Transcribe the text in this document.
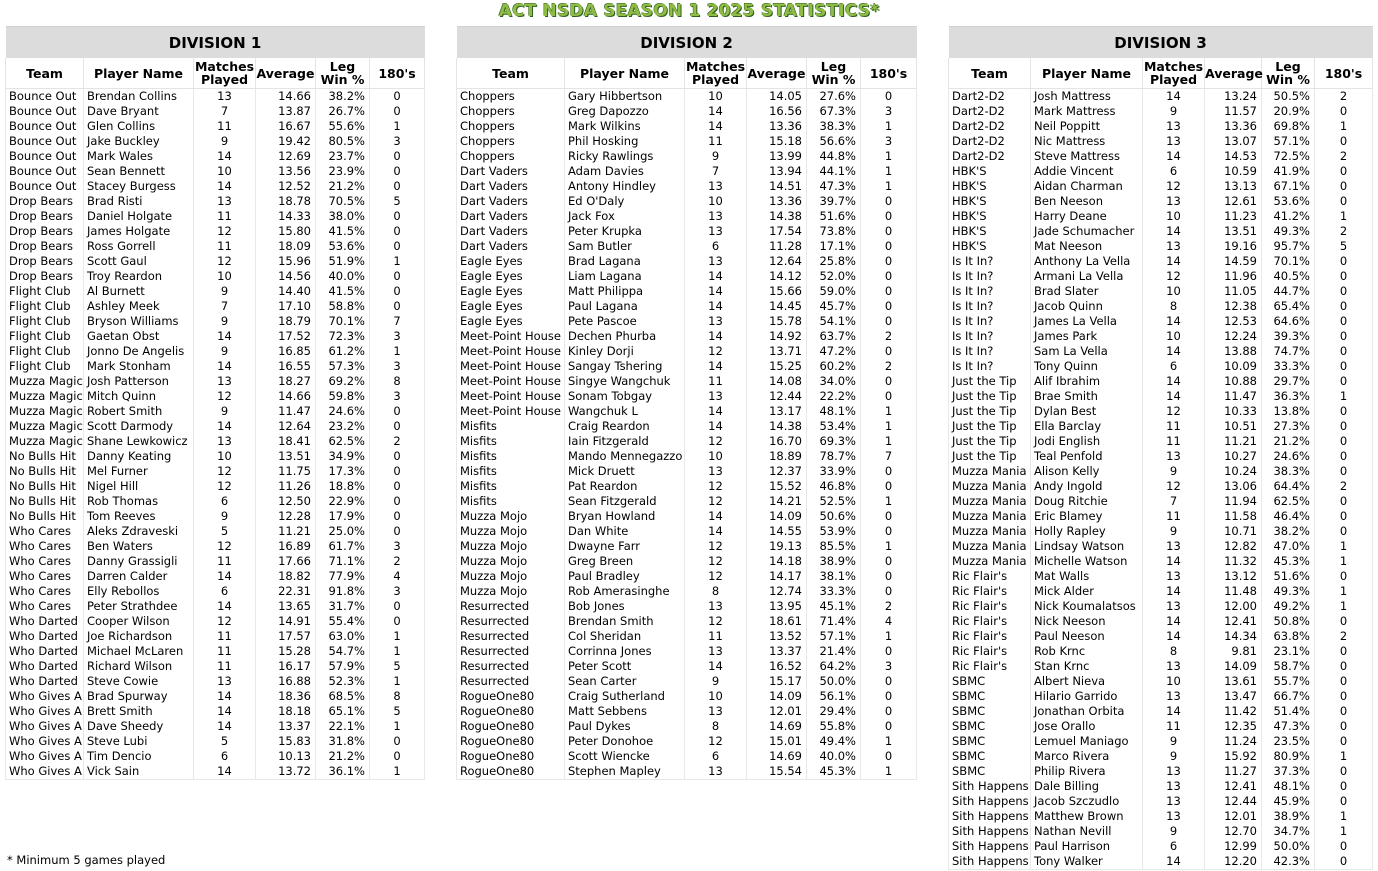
ACT NSDA SEASON 1 2025 STATISTICS*
DIVISION 1					
Team	Player Name	Matches Played	Average	Leg Win %	180's
Bounce Out	Brendan Collins	13	14.66	38.2%	0
Bounce Out	Dave Bryant	7	13.87	26.7%	0
Bounce Out	Glen Collins	11	16.67	55.6%	1
Bounce Out	Jake Buckley	9	19.42	80.5%	3
Bounce Out	Mark Wales	14	12.69	23.7%	0
Bounce Out	Sean Bennett	10	13.56	23.9%	0
Bounce Out	Stacey Burgess	14	12.52	21.2%	0
Drop Bears	Brad Risti	13	18.78	70.5%	5
Drop Bears	Daniel Holgate	11	14.33	38.0%	0
Drop Bears	James Holgate	12	15.80	41.5%	0
Drop Bears	Ross Gorrell	11	18.09	53.6%	0
Drop Bears	Scott Gaul	12	15.96	51.9%	1
Drop Bears	Troy Reardon	10	14.56	40.0%	0
Flight Club	Al Burnett	9	14.40	41.5%	0
Flight Club	Ashley Meek	7	17.10	58.8%	0
Flight Club	Bryson Williams	9	18.79	70.1%	7
Flight Club	Gaetan Obst	14	17.52	72.3%	3
Flight Club	Jonno De Angelis	9	16.85	61.2%	1
Flight Club	Mark Stonham	14	16.55	57.3%	3
Muzza Magic	Josh Patterson	13	18.27	69.2%	8
Muzza Magic	Mitch Quinn	12	14.66	59.8%	3
Muzza Magic	Robert Smith	9	11.47	24.6%	0
Muzza Magic	Scott Darmody	14	12.64	23.2%	0
Muzza Magic	Shane Lewkowicz	13	18.41	62.5%	2
No Bulls Hit	Danny Keating	10	13.51	34.9%	0
No Bulls Hit	Mel Furner	12	11.75	17.3%	0
No Bulls Hit	Nigel Hill	12	11.26	18.8%	0
No Bulls Hit	Rob Thomas	6	12.50	22.9%	0
No Bulls Hit	Tom Reeves	9	12.28	17.9%	0
Who Cares	Aleks Zdraveski	5	11.21	25.0%	0
Who Cares	Ben Waters	12	16.89	61.7%	3
Who Cares	Danny Grassigli	11	17.66	71.1%	2
Who Cares	Darren Calder	14	18.82	77.9%	4
Who Cares	Elly Rebollos	6	22.31	91.8%	3
Who Cares	Peter Strathdee	14	13.65	31.7%	0
Who Darted	Cooper Wilson	12	14.91	55.4%	0
Who Darted	Joe Richardson	11	17.57	63.0%	1
Who Darted	Michael McLaren	11	15.28	54.7%	1
Who Darted	Richard Wilson	11	16.17	57.9%	5
Who Darted	Steve Cowie	13	16.88	52.3%	1
Who Gives A	Brad Spurway	14	18.36	68.5%	8
Who Gives A	Brett Smith	14	18.18	65.1%	5
Who Gives A	Dave Sheedy	14	13.37	22.1%	1
Who Gives A	Steve Lubi	5	15.83	31.8%	0
Who Gives A	Tim Dencio	6	10.13	21.2%	0
Who Gives A	Vick Sain	14	13.72	36.1%	1
DIVISION 2					
Team	Player Name	Matches Played	Average	Leg Win %	180's
Choppers	Gary Hibbertson	10	14.05	27.6%	0
Choppers	Greg Dapozzo	14	16.56	67.3%	3
Choppers	Mark Wilkins	14	13.36	38.3%	1
Choppers	Phil Hosking	11	15.18	56.6%	3
Choppers	Ricky Rawlings	9	13.99	44.8%	1
Dart Vaders	Adam Davies	7	13.94	44.1%	1
Dart Vaders	Antony Hindley	13	14.51	47.3%	1
Dart Vaders	Ed O'Daly	10	13.36	39.7%	0
Dart Vaders	Jack Fox	13	14.38	51.6%	0
Dart Vaders	Peter Krupka	13	17.54	73.8%	0
Dart Vaders	Sam Butler	6	11.28	17.1%	0
Eagle Eyes	Brad Lagana	13	12.64	25.8%	0
Eagle Eyes	Liam Lagana	14	14.12	52.0%	0
Eagle Eyes	Matt Philippa	14	15.66	59.0%	0
Eagle Eyes	Paul Lagana	14	14.45	45.7%	0
Eagle Eyes	Pete Pascoe	13	15.78	54.1%	0
Meet-Point House	Dechen Phurba	14	14.92	63.7%	2
Meet-Point House	Kinley Dorji	12	13.71	47.2%	0
Meet-Point House	Sangay Tshering	14	15.25	60.2%	2
Meet-Point House	Singye Wangchuk	11	14.08	34.0%	0
Meet-Point House	Sonam Tobgay	13	12.44	22.2%	0
Meet-Point House	Wangchuk L	14	13.17	48.1%	1
Misfits	Craig Reardon	14	14.38	53.4%	1
Misfits	Iain Fitzgerald	12	16.70	69.3%	1
Misfits	Mando Mennegazzo	10	18.89	78.7%	7
Misfits	Mick Druett	13	12.37	33.9%	0
Misfits	Pat Reardon	12	15.52	46.8%	0
Misfits	Sean Fitzgerald	12	14.21	52.5%	1
Muzza Mojo	Bryan Howland	14	14.09	50.6%	0
Muzza Mojo	Dan White	14	14.55	53.9%	0
Muzza Mojo	Dwayne Farr	12	19.13	85.5%	1
Muzza Mojo	Greg Breen	12	14.18	38.9%	0
Muzza Mojo	Paul Bradley	12	14.17	38.1%	0
Muzza Mojo	Rob Amerasinghe	8	12.74	33.3%	0
Resurrected	Bob Jones	13	13.95	45.1%	2
Resurrected	Brendan Smith	12	18.61	71.4%	4
Resurrected	Col Sheridan	11	13.52	57.1%	1
Resurrected	Corrinna Jones	13	13.37	21.4%	0
Resurrected	Peter Scott	14	16.52	64.2%	3
Resurrected	Sean Carter	9	15.17	50.0%	0
RogueOne80	Craig Sutherland	10	14.09	56.1%	0
RogueOne80	Matt Sebbens	13	12.01	29.4%	0
RogueOne80	Paul Dykes	8	14.69	55.8%	0
RogueOne80	Peter Donohoe	12	15.01	49.4%	1
RogueOne80	Scott Wiencke	6	14.69	40.0%	0
RogueOne80	Stephen Mapley	13	15.54	45.3%	1
DIVISION 3					
Team	Player Name	Matches Played	Average	Leg Win %	180's
Dart2-D2	Josh Mattress	14	13.24	50.5%	2
Dart2-D2	Mark Mattress	9	11.57	20.9%	0
Dart2-D2	Neil Poppitt	13	13.36	69.8%	1
Dart2-D2	Nic Mattress	13	13.07	57.1%	0
Dart2-D2	Steve Mattress	14	14.53	72.5%	2
HBK'S	Addie Vincent	6	10.59	41.9%	0
HBK'S	Aidan Charman	12	13.13	67.1%	0
HBK'S	Ben Neeson	13	12.61	53.6%	0
HBK'S	Harry Deane	10	11.23	41.2%	1
HBK'S	Jade Schumacher	14	13.51	49.3%	2
HBK'S	Mat Neeson	13	19.16	95.7%	5
Is It In?	Anthony La Vella	14	14.59	70.1%	0
Is It In?	Armani La Vella	12	11.96	40.5%	0
Is It In?	Brad Slater	10	11.05	44.7%	0
Is It In?	Jacob Quinn	8	12.38	65.4%	0
Is It In?	James La Vella	14	12.53	64.6%	0
Is It In?	James Park	10	12.24	39.3%	0
Is It In?	Sam La Vella	14	13.88	74.7%	0
Is It In?	Tony Quinn	6	10.09	33.3%	0
Just the Tip	Alif Ibrahim	14	10.88	29.7%	0
Just the Tip	Brae Smith	14	11.47	36.3%	1
Just the Tip	Dylan Best	12	10.33	13.8%	0
Just the Tip	Ella Barclay	11	10.51	27.3%	0
Just the Tip	Jodi English	11	11.21	21.2%	0
Just the Tip	Teal Penfold	13	10.27	24.6%	0
Muzza Mania	Alison Kelly	9	10.24	38.3%	0
Muzza Mania	Andy Ingold	12	13.06	64.4%	2
Muzza Mania	Doug Ritchie	7	11.94	62.5%	0
Muzza Mania	Eric Blamey	11	11.58	46.4%	0
Muzza Mania	Holly Rapley	9	10.71	38.2%	0
Muzza Mania	Lindsay Watson	13	12.82	47.0%	1
Muzza Mania	Michelle Watson	14	11.32	45.3%	1
Ric Flair's	Mat Walls	13	13.12	51.6%	0
Ric Flair's	Mick Alder	14	11.48	49.3%	1
Ric Flair's	Nick Koumalatsos	13	12.00	49.2%	1
Ric Flair's	Nick Neeson	14	12.41	50.8%	0
Ric Flair's	Paul Neeson	14	14.34	63.8%	2
Ric Flair's	Rob Krnc	8	9.81	23.1%	0
Ric Flair's	Stan Krnc	13	14.09	58.7%	0
SBMC	Albert Nieva	10	13.61	55.7%	0
SBMC	Hilario Garrido	13	13.47	66.7%	0
SBMC	Jonathan Orbita	14	11.42	51.4%	0
SBMC	Jose Orallo	11	12.35	47.3%	0
SBMC	Lemuel Maniago	9	11.24	23.5%	0
SBMC	Marco Rivera	9	15.92	80.9%	1
SBMC	Philip Rivera	13	11.27	37.3%	0
Sith Happens	Dale Billing	13	12.41	48.1%	0
Sith Happens	Jacob Szczudlo	13	12.44	45.9%	0
Sith Happens	Matthew Brown	13	12.01	38.9%	1
Sith Happens	Nathan Nevill	9	12.70	34.7%	1
Sith Happens	Paul Harrison	6	12.99	50.0%	0
Sith Happens	Tony Walker	14	12.20	42.3%	0
* Minimum 5 games played
